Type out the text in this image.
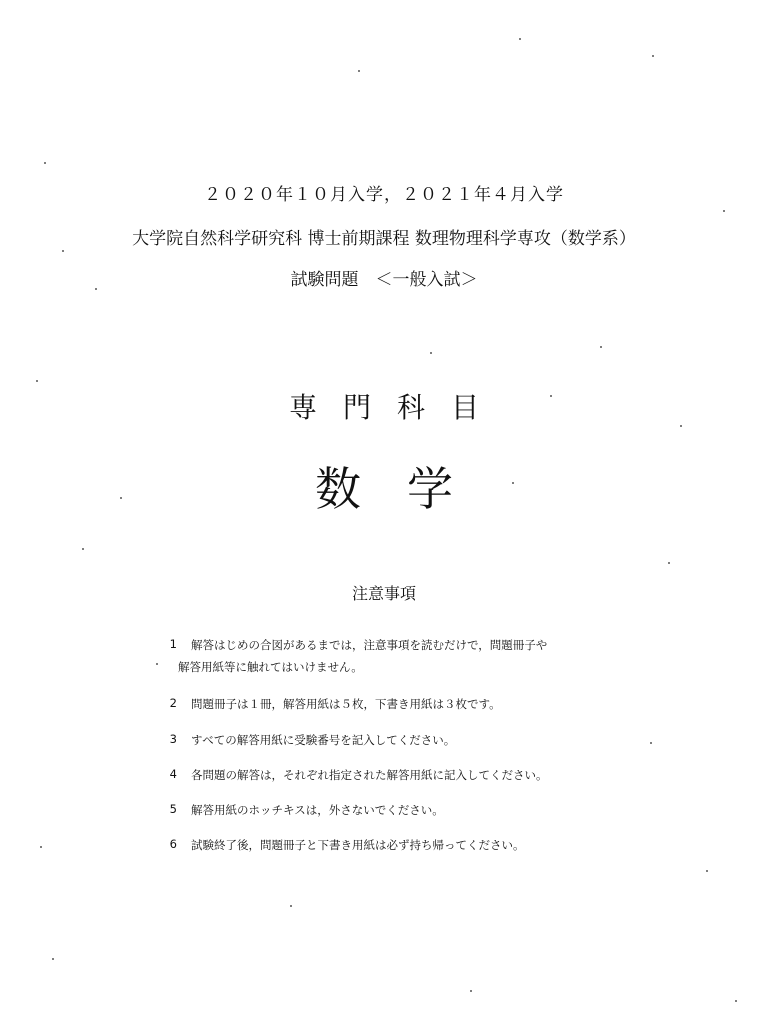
２０２０年１０月入学，２０２１年４月入学
大学院自然科学研究科 博士前期課程 数理物理科学専攻（数学系）
試験問題　＜一般入試＞
専門科目
数学
注意事項
1 解答はじめの合図があるまでは，注意事項を読むだけで，問題冊子や
解答用紙等に触れてはいけません。
2 問題冊子は１冊，解答用紙は５枚，下書き用紙は３枚です。
3 すべての解答用紙に受験番号を記入してください。
4 各問題の解答は，それぞれ指定された解答用紙に記入してください。
5 解答用紙のホッチキスは，外さないでください。
6 試験終了後，問題冊子と下書き用紙は必ず持ち帰ってください。
